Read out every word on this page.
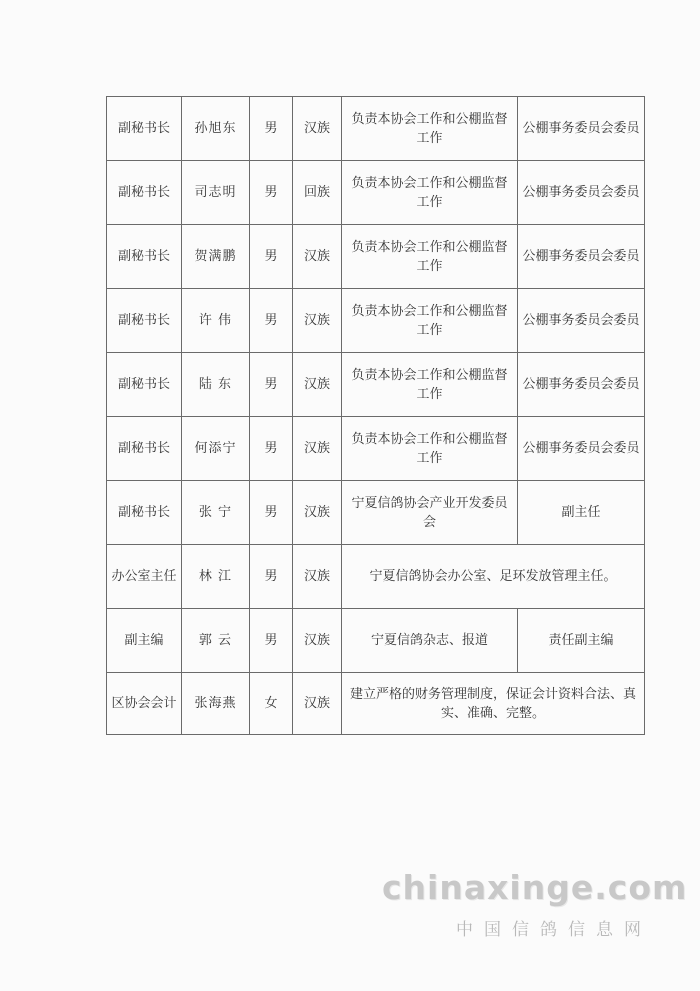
副秘书长	孙旭东	男	汉族	负责本协会工作和公棚监督工作	公棚事务委员会委员
副秘书长	司志明	男	回族	负责本协会工作和公棚监督工作	公棚事务委员会委员
副秘书长	贺满鹏	男	汉族	负责本协会工作和公棚监督工作	公棚事务委员会委员
副秘书长	许 伟	男	汉族	负责本协会工作和公棚监督工作	公棚事务委员会委员
副秘书长	陆 东	男	汉族	负责本协会工作和公棚监督工作	公棚事务委员会委员
副秘书长	何添宁	男	汉族	负责本协会工作和公棚监督工作	公棚事务委员会委员
副秘书长	张 宁	男	汉族	宁夏信鸽协会产业开发委员会	副主任
办公室主任	林 江	男	汉族	宁夏信鸽协会办公室、足环发放管理主任。	
副主编	郭 云	男	汉族	宁夏信鸽杂志、报道	责任副主编
区协会会计	张海燕	女	汉族	建立严格的财务管理制度，保证会计资料合法、真实、准确、完整。	
chinaxinge.com
中国信鸽信息网
